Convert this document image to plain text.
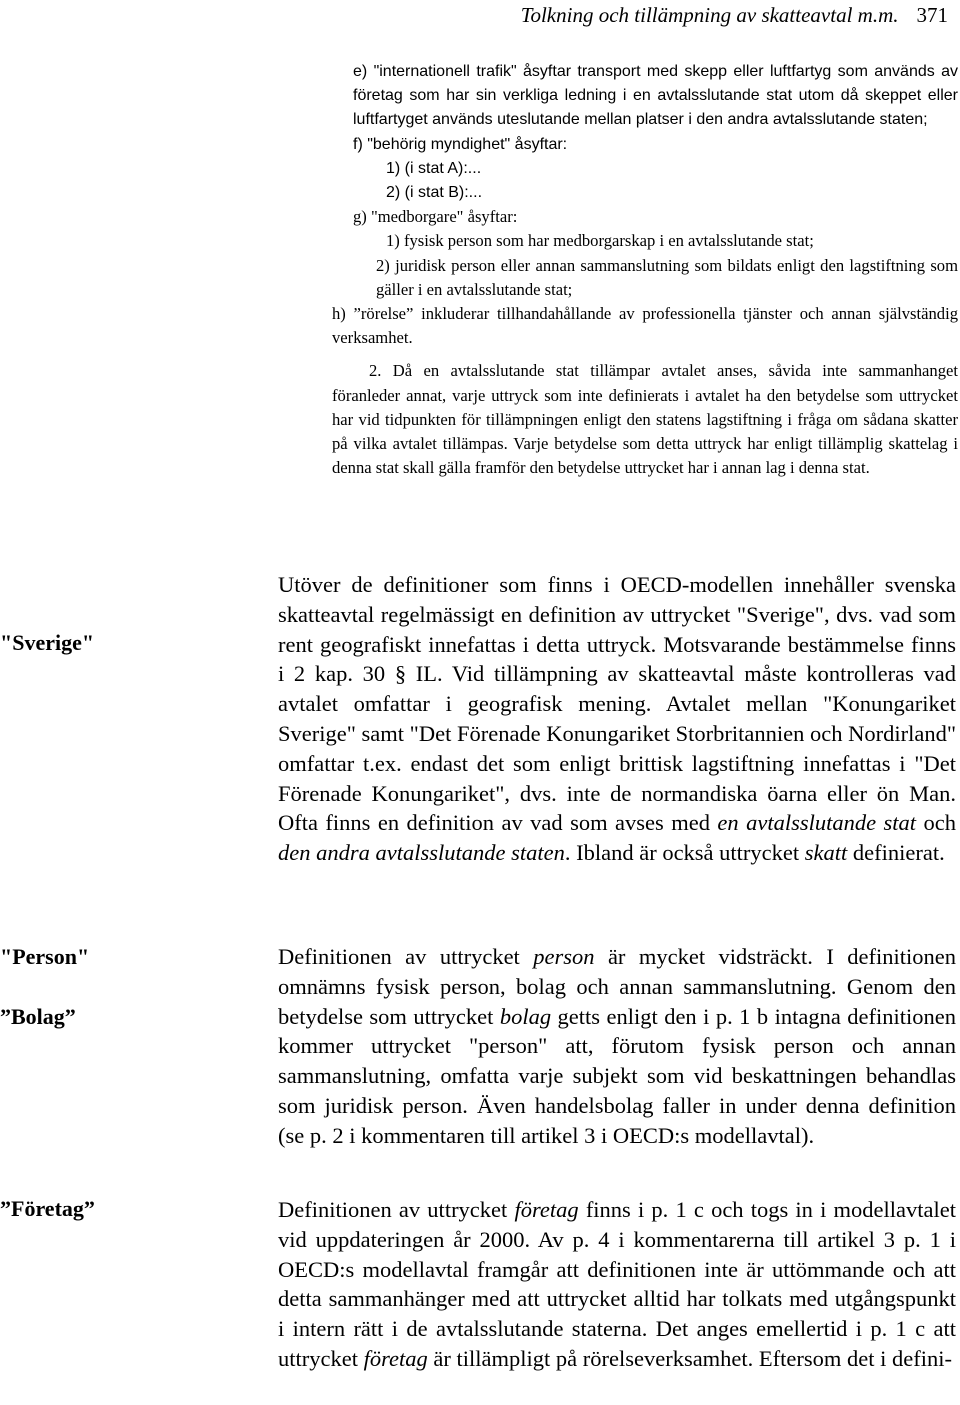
Tolkning och tillämpning av skatteavtal m.m. 371

e) "internationell trafik" åsyftar transport med skepp eller luftfartyg som används av företag som har sin verkliga ledning i en avtalsslutande stat utom då skeppet eller luftfartyget används uteslutande mellan platser i den andra avtalsslutande staten;

f) "behörig myndighet" åsyftar:

1) (i stat A):...

2) (i stat B):...

g) "medborgare" åsyftar:

1) fysisk person som har medborgarskap i en avtalsslutande stat;

2) juridisk person eller annan sammanslutning som bildats enligt den lagstiftning som gäller i en avtalsslutande stat;

h) ”rörelse” inkluderar tillhandahållande av professionella tjänster och annan självständig verksamhet.

2. Då en avtalsslutande stat tillämpar avtalet anses, såvida inte sammanhanget föranleder annat, varje uttryck som inte definierats i avtalet ha den betydelse som uttrycket har vid tidpunkten för tillämpningen enligt den statens lagstiftning i fråga om sådana skatter på vilka avtalet tillämpas. Varje betydelse som detta uttryck har enligt tillämplig skattelag i denna stat skall gälla framför den betydelse uttrycket har i annan lag i denna stat.

"Sverige"
"Person"
”Bolag”
”Företag”

Utöver de definitioner som finns i OECD-modellen innehåller svenska skatteavtal regelmässigt en definition av uttrycket "Sverige", dvs. vad som rent geografiskt innefattas i detta uttryck. Motsvarande bestämmelse finns i 2 kap. 30 § IL. Vid tillämpning av skatteavtal måste kontrolleras vad avtalet omfattar i geografisk mening. Avtalet mellan "Konungariket Sverige" samt "Det Förenade Konungariket Storbritannien och Nordirland" omfattar t.ex. endast det som enligt brittisk lagstiftning innefattas i "Det Förenade Konungariket", dvs. inte de normandiska öarna eller ön Man. Ofta finns en definition av vad som avses med en avtalsslutande stat och den andra avtalsslutande staten. Ibland är också uttrycket skatt definierat.

Definitionen av uttrycket person är mycket vidsträckt. I definitionen omnämns fysisk person, bolag och annan sammanslutning. Genom den betydelse som uttrycket bolag getts enligt den i p. 1 b intagna definitionen kommer uttrycket "person" att, förutom fysisk person och annan sammanslutning, omfatta varje subjekt som vid beskattningen behandlas som juridisk person. Även handelsbolag faller in under denna definition (se p. 2 i kommentaren till artikel 3 i OECD:s modellavtal).

Definitionen av uttrycket företag finns i p. 1 c och togs in i modellavtalet vid uppdateringen år 2000. Av p. 4 i kommentarerna till artikel 3 p. 1 i OECD:s modellavtal framgår att definitionen inte är uttömmande och att detta sammanhänger med att uttrycket alltid har tolkats med utgångspunkt i intern rätt i de avtalsslutande staterna. Det anges emellertid i p. 1 c att uttrycket företag är tillämpligt på rörelseverksamhet. Eftersom det i defini-
